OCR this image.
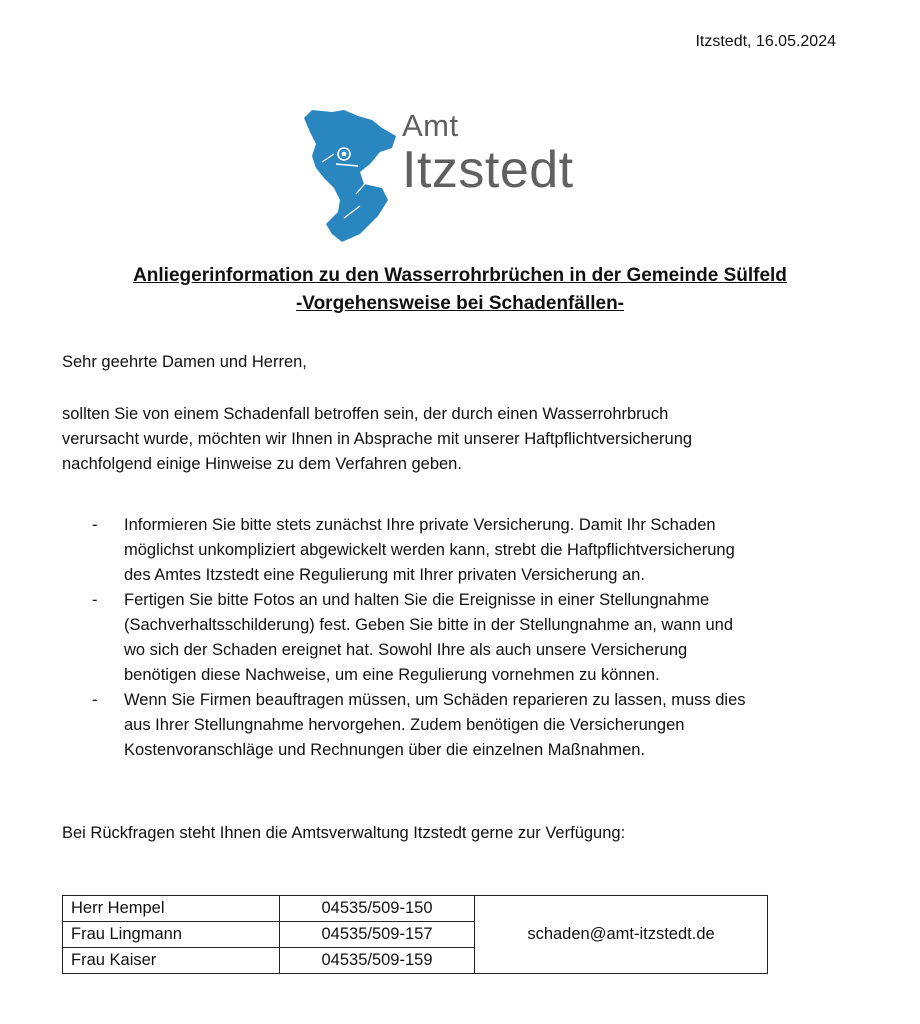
Itzstedt, 16.05.2024
Amt
Itzstedt
Anliegerinformation zu den Wasserrohrbrüchen in der Gemeinde Sülfeld
-Vorgehensweise bei Schadenfällen-
Sehr geehrte Damen und Herren,
sollten Sie von einem Schadenfall betroffen sein, der durch einen Wasserrohrbruch
verursacht wurde, möchten wir Ihnen in Absprache mit unserer Haftpflichtversicherung
nachfolgend einige Hinweise zu dem Verfahren geben.
- Informieren Sie bitte stets zunächst Ihre private Versicherung. Damit Ihr Schaden
möglichst unkompliziert abgewickelt werden kann, strebt die Haftpflichtversicherung
des Amtes Itzstedt eine Regulierung mit Ihrer privaten Versicherung an.
- Fertigen Sie bitte Fotos an und halten Sie die Ereignisse in einer Stellungnahme
(Sachverhaltsschilderung) fest. Geben Sie bitte in der Stellungnahme an, wann und
wo sich der Schaden ereignet hat. Sowohl Ihre als auch unsere Versicherung
benötigen diese Nachweise, um eine Regulierung vornehmen zu können.
- Wenn Sie Firmen beauftragen müssen, um Schäden reparieren zu lassen, muss dies
aus Ihrer Stellungnahme hervorgehen. Zudem benötigen die Versicherungen
Kostenvoranschläge und Rechnungen über die einzelnen Maßnahmen.
Bei Rückfragen steht Ihnen die Amtsverwaltung Itzstedt gerne zur Verfügung:
Herr Hempel	04535/509-150	schaden@amt-itzstedt.de
Frau Lingmann	04535/509-157	
Frau Kaiser	04535/509-159	
